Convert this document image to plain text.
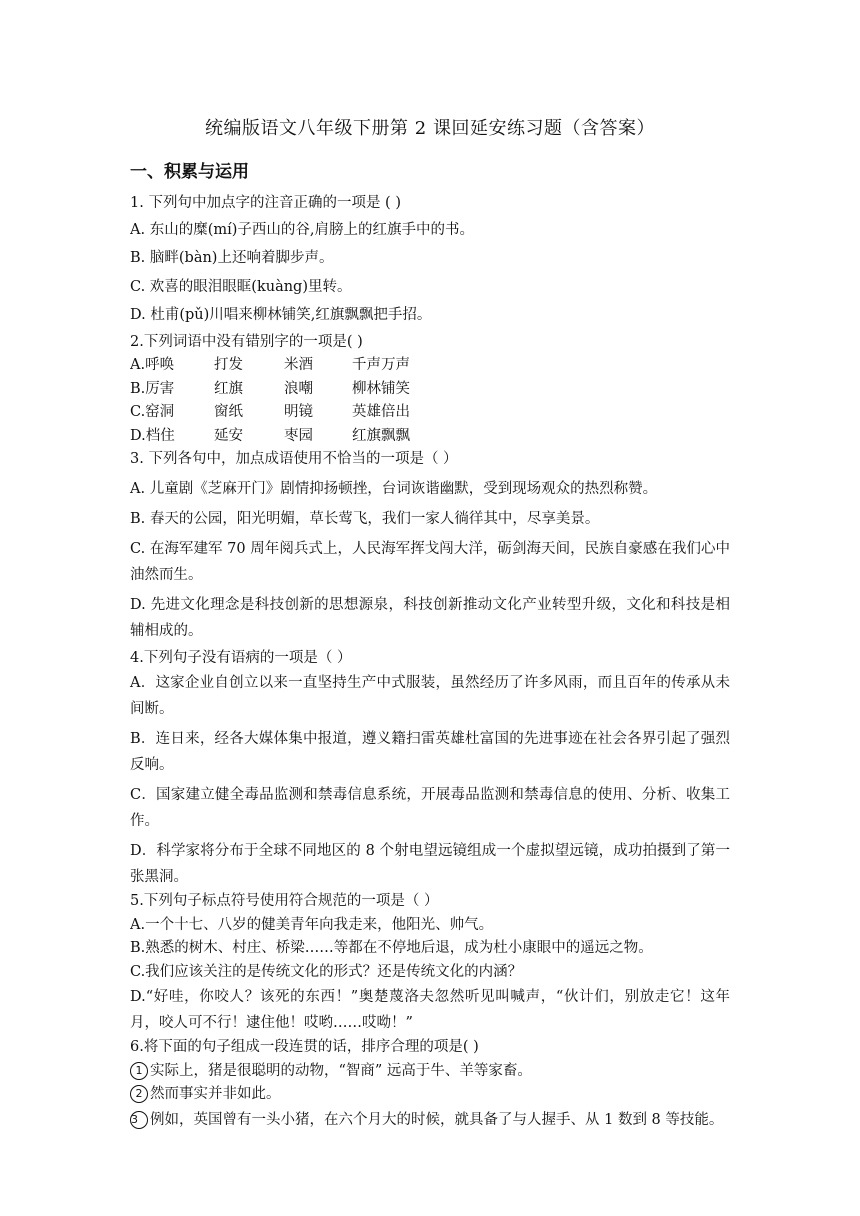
统编版语文八年级下册第 2 课回延安练习题（含答案）
一、积累与运用
1. 下列句中加点字的注音正确的一项是 ( )
A. 东山的糜(mí)子西山的谷,肩膀上的红旗手中的书。
B. 脑畔(bàn)上还响着脚步声。
C. 欢喜的眼泪眼眶(kuàng)里转。
D. 杜甫(pǔ)川唱来柳林铺笑,红旗飘飘把手招。
2.下列词语中没有错别字的一项是( )
A.呼唤	打发	米酒	千声万声
B.厉害	红旗	浪嘲	柳林铺笑
C.窑洞	窗纸	明镜	英雄倍出
D.档住	延安	枣园	红旗飘飘
3. 下列各句中，加点成语使用不恰当的一项是（ ）
A. 儿童剧《芝麻开门》剧情抑扬顿挫，台词诙谐幽默，受到现场观众的热烈称赞。
B. 春天的公园，阳光明媚，草长莺飞，我们一家人徜徉其中，尽享美景。
C. 在海军建军 70 周年阅兵式上，人民海军挥戈闯大洋，砺剑海天间，民族自豪感在我们心中油然而生。
D. 先进文化理念是科技创新的思想源泉，科技创新推动文化产业转型升级，文化和科技是相辅相成的。
4.下列句子没有语病的一项是（ ）
A．这家企业自创立以来一直坚持生产中式服装，虽然经历了许多风雨，而且百年的传承从未间断。
B．连日来，经各大媒体集中报道，遵义籍扫雷英雄杜富国的先进事迹在社会各界引起了强烈反响。
C．国家建立健全毒品监测和禁毒信息系统，开展毒品监测和禁毒信息的使用、分析、收集工作。
D．科学家将分布于全球不同地区的 8 个射电望远镜组成一个虚拟望远镜，成功拍摄到了第一张黑洞。
5.下列句子标点符号使用符合规范的一项是（ ）
A.一个十七、八岁的健美青年向我走来，他阳光、帅气。
B.熟悉的树木、村庄、桥梁……等都在不停地后退，成为杜小康眼中的遥远之物。
C.我们应该关注的是传统文化的形式？还是传统文化的内涵？
D.“好哇，你咬人？该死的东西！”奥楚蔑洛夫忽然听见叫喊声，“伙计们，别放走它！这年月，咬人可不行！逮住他！哎哟……哎呦！”
6.将下面的句子组成一段连贯的话，排序合理的项是( )
1 实际上，猪是很聪明的动物，“智商” 远高于牛、羊等家畜。
2 然而事实并非如此。
3 例如，英国曾有一头小猪，在六个月大的时候，就具备了与人握手、从 1 数到 8 等技能。
